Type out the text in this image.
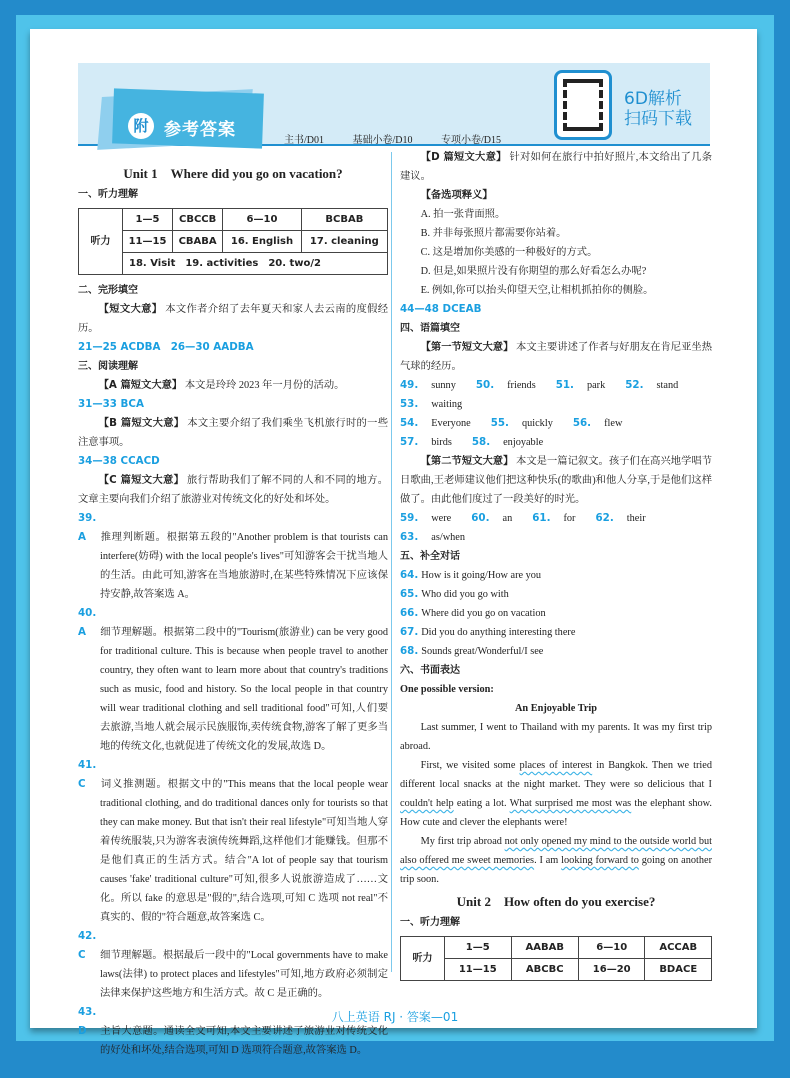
附 参考答案
主书/D01	基础小卷/D10	专项小卷/D15
6D解析
扫码下载
Unit 1　Where did you go on vacation?
一、听力理解
听力	1—5	CBCCB	6—10	BCBAB
	11—15	CBABA	16. English	17. cleaning
	18. Visit　19. activities　20. two/2			
二、完形填空
【短文大意】 本文作者介绍了去年夏天和家人去云南的度假经历。
21—25 ACDBA　26—30 AADBA
三、阅读理解
【A 篇短文大意】 本文是玲玲 2023 年一月份的活动。
31—33 BCA
【B 篇短文大意】 本文主要介绍了我们乘坐飞机旅行时的一些注意事项。
34—38 CCACD
【C 篇短文大意】 旅行帮助我们了解不同的人和不同的地方。文章主要向我们介绍了旅游业对传统文化的好处和坏处。
39. A 推理判断题。根据第五段的"Another problem is that tourists can interfere(妨碍) with the local people's lives"可知游客会干扰当地人的生活。由此可知,游客在当地旅游时,在某些特殊情况下应该保持安静,故答案选 A。
40. A 细节理解题。根据第二段中的"Tourism(旅游业) can be very good for traditional culture. This is because when people travel to another country, they often want to learn more about that country's traditions such as music, food and history. So the local people in that country will wear traditional clothing and sell traditional food"可知,人们要去旅游,当地人就会展示民族服饰,卖传统食物,游客了解了更多当地的传统文化,也就促进了传统文化的发展,故选 D。
41. C 词义推测题。根据文中的"This means that the local people wear traditional clothing, and do traditional dances only for tourists so that they can make money. But that isn't their real lifestyle"可知当地人穿着传统服装,只为游客表演传统舞蹈,这样他们才能赚钱。但那不是他们真正的生活方式。结合"A lot of people say that tourism causes 'fake' traditional culture"可知,很多人说旅游造成了……文化。所以 fake 的意思是"假的",结合选项,可知 C 选项 not real"不真实的、假的"符合题意,故答案选 C。
42. C 细节理解题。根据最后一段中的"Local governments have to make laws(法律) to protect places and lifestyles"可知,地方政府必须制定法律来保护这些地方和生活方式。故 C 是正确的。
43. D 主旨大意题。通读全文可知,本文主要讲述了旅游业对传统文化的好处和坏处,结合选项,可知 D 选项符合题意,故答案选 D。
【D 篇短文大意】 针对如何在旅行中拍好照片,本文给出了几条建议。
【备选项释义】
A. 拍一张背面照。
B. 并非每张照片都需要你站着。
C. 这是增加你美感的一种极好的方式。
D. 但是,如果照片没有你期望的那么好看怎么办呢?
E. 例如,你可以抬头仰望天空,让相机抓拍你的侧脸。
44—48 DCEAB
四、语篇填空
【第一节短文大意】 本文主要讲述了作者与好朋友在肯尼亚坐热气球的经历。
49. sunny	50. friends	51. park	52. stand
53. waiting
54. Everyone	55. quickly	56. flew
57. birds	58. enjoyable
【第二节短文大意】 本文是一篇记叙文。孩子们在高兴地学唱节日歌曲,王老师建议他们把这种快乐(的歌曲)和他人分享,于是他们这样做了。由此他们度过了一段美好的时光。
59. were	60. an	61. for	62. their
63. as/when
五、补全对话
64. How is it going/How are you
65. Who did you go with
66. Where did you go on vacation
67. Did you do anything interesting there
68. Sounds great/Wonderful/I see
六、书面表达
One possible version:
An Enjoyable Trip
Last summer, I went to Thailand with my parents. It was my first trip abroad.
First, we visited some places of interest in Bangkok. Then we tried different local snacks at the night market. They were so delicious that I couldn't help eating a lot. What surprised me most was the elephant show. How cute and clever the elephants were!
My first trip abroad not only opened my mind to the outside world but also offered me sweet memories. I am looking forward to going on another trip soon.
Unit 2　How often do you exercise?
一、听力理解
听力	1—5	AABAB	6—10	ACCAB
	11—15	ABCBC	16—20	BDACE
八上英语 RJ · 答案—01
